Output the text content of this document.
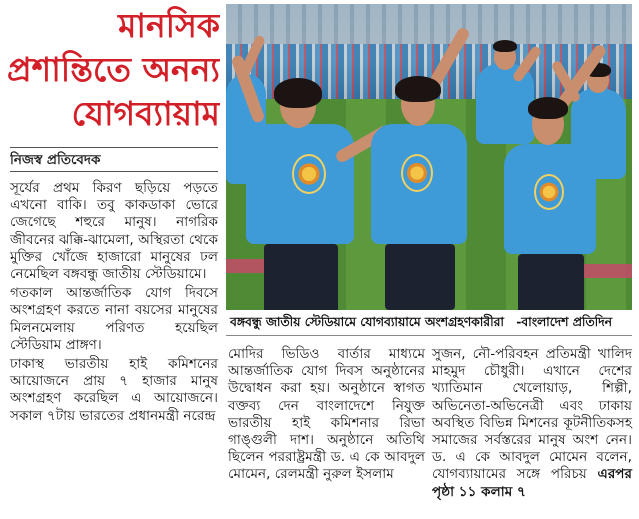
মানসিক
প্রশান্তিতে অনন্য
যোগব্যায়াম
নিজস্ব প্রতিবেদক

সূর্যের প্রথম কিরণ ছড়িয়ে পড়তে এখনো বাকি। তবু কাকডাকা ভোরে জেগেছে শহুরে মানুষ। নাগরিক জীবনের ঝক্কি-ঝামেলা, অস্থিরতা থেকে মুক্তির খোঁজে হাজারো মানুষের ঢল নেমেছিল বঙ্গবন্ধু জাতীয় স্টেডিয়ামে।

গতকাল আন্তর্জাতিক যোগ দিবসে অংশগ্রহণ করতে নানা বয়সের মানুষের মিলনমেলায় পরিণত হয়েছিল স্টেডিয়াম প্রাঙ্গণ।

ঢাকাস্থ ভারতীয় হাই কমিশনের আয়োজনে প্রায় ৭ হাজার মানুষ অংশগ্রহণ করেছিল এ আয়োজনে। সকাল ৭টায় ভারতের প্রধানমন্ত্রী নরেন্দ্র

বঙ্গবন্ধু জাতীয় স্টেডিয়ামে যোগব্যায়ামে অংশগ্রহণকারীরা -বাংলাদেশ প্রতিদিন

মোদির ভিডিও বার্তার মাধ্যমে আন্তর্জাতিক যোগ দিবস অনুষ্ঠানের উদ্বোধন করা হয়। অনুষ্ঠানে স্বাগত বক্তব্য দেন বাংলাদেশে নিযুক্ত ভারতীয় হাই কমিশনার রিভা গাঙ্গুলী দাশ। অনুষ্ঠানে অতিথি ছিলেন পররাষ্ট্রমন্ত্রী ড. এ কে আবদুল মোমেন, রেলমন্ত্রী নুরুল ইসলাম

সুজন, নৌ-পরিবহন প্রতিমন্ত্রী খালিদ মাহমুদ চৌধুরী। এখানে দেশের খ্যাতিমান খেলোয়াড়, শিল্পী, অভিনেতা-অভিনেত্রী এবং ঢাকায় অবস্থিত বিভিন্ন মিশনের কূটনীতিকসহ সমাজের সর্বস্তরের মানুষ অংশ নেন। ড. এ কে আবদুল মোমেন বলেন, যোগব্যায়ামের সঙ্গে পরিচয় এরপর পৃষ্ঠা ১১ কলাম ৭
